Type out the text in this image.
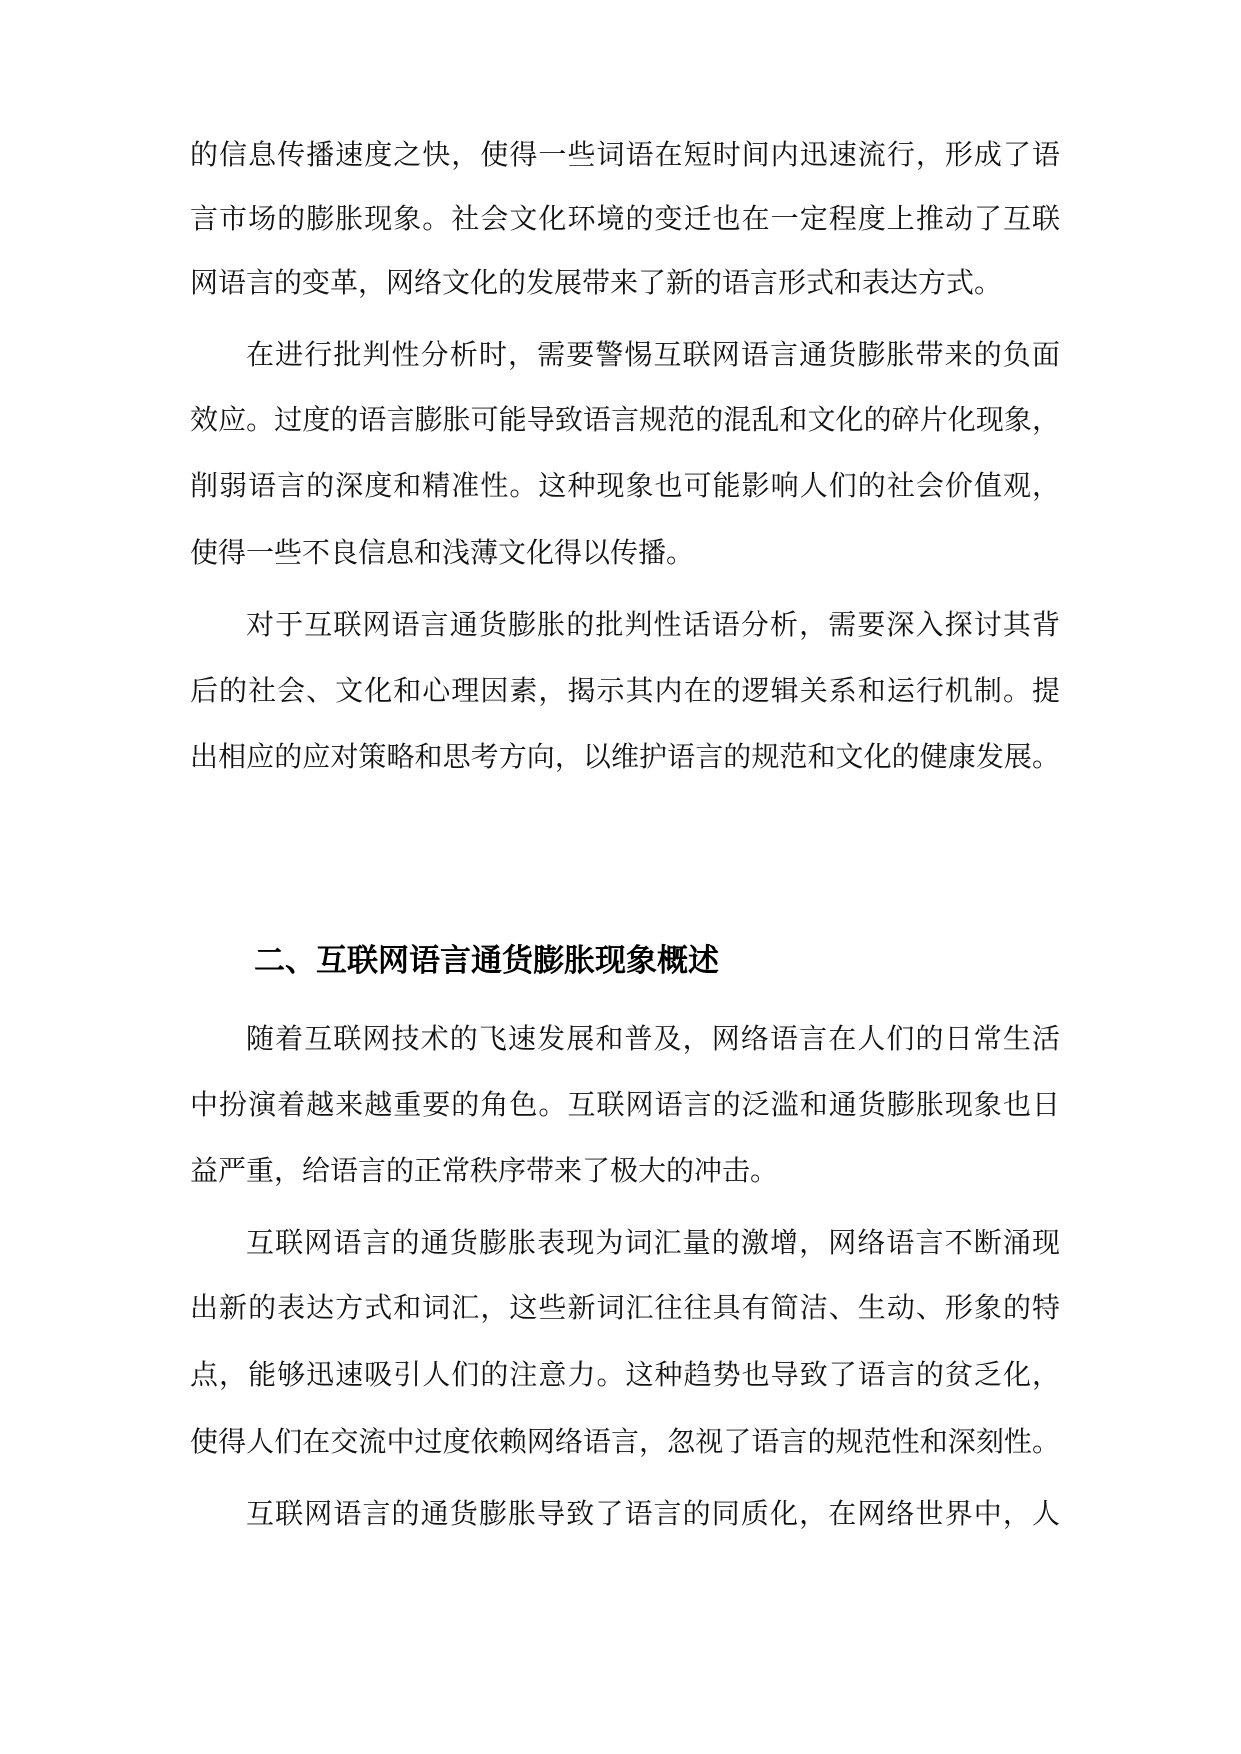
的信息传播速度之快，使得一些词语在短时间内迅速流行，形成了语

言市场的膨胀现象。社会文化环境的变迁也在一定程度上推动了互联

网语言的变革，网络文化的发展带来了新的语言形式和表达方式。

在进行批判性分析时，需要警惕互联网语言通货膨胀带来的负面

效应。过度的语言膨胀可能导致语言规范的混乱和文化的碎片化现象，

削弱语言的深度和精准性。这种现象也可能影响人们的社会价值观，

使得一些不良信息和浅薄文化得以传播。

对于互联网语言通货膨胀的批判性话语分析，需要深入探讨其背

后的社会、文化和心理因素，揭示其内在的逻辑关系和运行机制。提

出相应的应对策略和思考方向，以维护语言的规范和文化的健康发展。

二、互联网语言通货膨胀现象概述

随着互联网技术的飞速发展和普及，网络语言在人们的日常生活

中扮演着越来越重要的角色。互联网语言的泛滥和通货膨胀现象也日

益严重，给语言的正常秩序带来了极大的冲击。

互联网语言的通货膨胀表现为词汇量的激增，网络语言不断涌现

出新的表达方式和词汇，这些新词汇往往具有简洁、生动、形象的特

点，能够迅速吸引人们的注意力。这种趋势也导致了语言的贫乏化，

使得人们在交流中过度依赖网络语言，忽视了语言的规范性和深刻性。

互联网语言的通货膨胀导致了语言的同质化，在网络世界中，人
